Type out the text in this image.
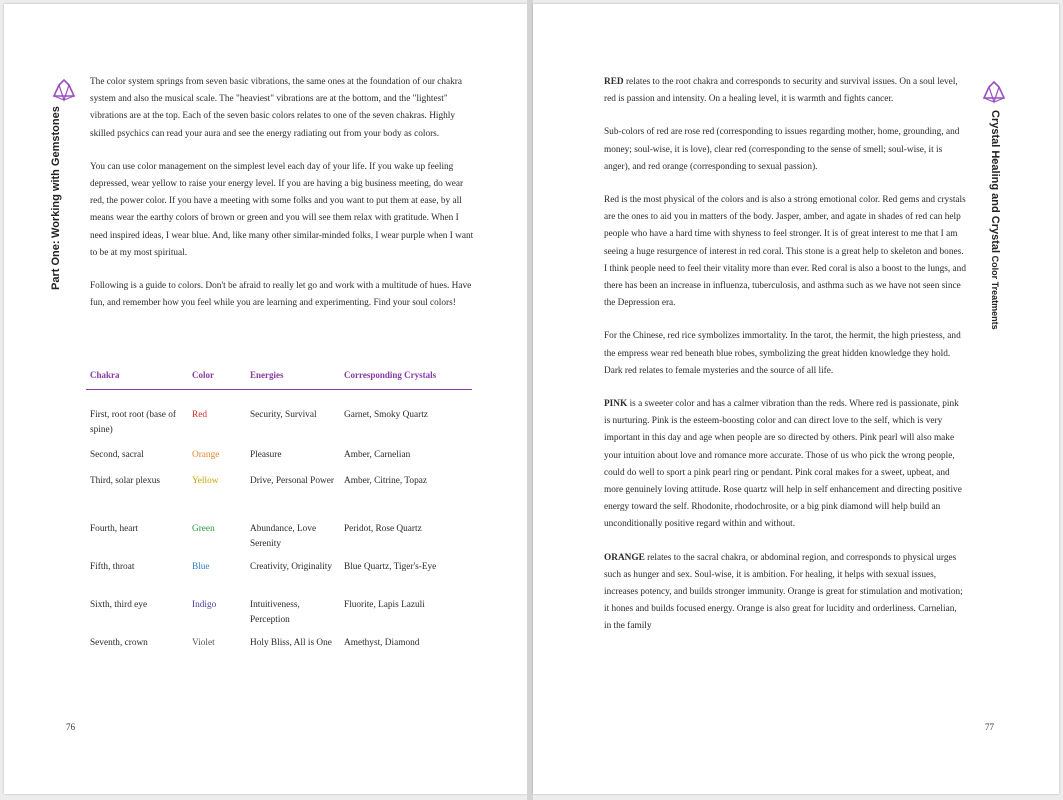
Part One: Working with Gemstones

The color system springs from seven basic vibrations, the same ones at the foundation of our chakra system and also the musical scale. The "heaviest" vibrations are at the bottom, and the "lightest" vibrations are at the top. Each of the seven basic colors relates to one of the seven chakras. Highly skilled psychics can read your aura and see the energy radiating out from your body as colors.

You can use color management on the simplest level each day of your life. If you wake up feeling depressed, wear yellow to raise your energy level. If you are having a big business meeting, do wear red, the power color. If you have a meeting with some folks and you want to put them at ease, by all means wear the earthy colors of brown or green and you will see them relax with gratitude. When I need inspired ideas, I wear blue. And, like many other similar-minded folks, I wear purple when I want to be at my most spiritual.

Following is a guide to colors. Don't be afraid to really let go and work with a multitude of hues. Have fun, and remember how you feel while you are learning and experimenting. Find your soul colors!

Chakra	Color	Energies	Corresponding Crystals
First, root root (base of spine)	Red	Security, Survival	Garnet, Smoky Quartz
Second, sacral	Orange	Pleasure	Amber, Carnelian
Third, solar plexus	Yellow	Drive, Personal Power	Amber, Citrine, Topaz
Fourth, heart	Green	Abundance, Love Serenity	Peridot, Rose Quartz
Fifth, throat	Blue	Creativity, Originality	Blue Quartz, Tiger's-Eye
Sixth, third eye	Indigo	Intuitiveness, Perception	Fluorite, Lapis Lazuli
Seventh, crown	Violet	Holy Bliss, All is One	Amethyst, Diamond
76
Crystal Healing and Crystal Color Treatments

RED relates to the root chakra and corresponds to security and survival issues. On a soul level, red is passion and intensity. On a healing level, it is warmth and fights cancer.

Sub-colors of red are rose red (corresponding to issues regarding mother, home, grounding, and money; soul-wise, it is love), clear red (corresponding to the sense of smell; soul-wise, it is anger), and red orange (corresponding to sexual passion).

Red is the most physical of the colors and is also a strong emotional color. Red gems and crystals are the ones to aid you in matters of the body. Jasper, amber, and agate in shades of red can help people who have a hard time with shyness to feel stronger. It is of great interest to me that I am seeing a huge resurgence of interest in red coral. This stone is a great help to skeleton and bones. I think people need to feel their vitality more than ever. Red coral is also a boost to the lungs, and there has been an increase in influenza, tuberculosis, and asthma such as we have not seen since the Depression era.

For the Chinese, red rice symbolizes immortality. In the tarot, the hermit, the high priestess, and the empress wear red beneath blue robes, symbolizing the great hidden knowledge they hold. Dark red relates to female mysteries and the source of all life.

PINK is a sweeter color and has a calmer vibration than the reds. Where red is passionate, pink is nurturing. Pink is the esteem-boosting color and can direct love to the self, which is very important in this day and age when people are so directed by others. Pink pearl will also make your intuition about love and romance more accurate. Those of us who pick the wrong people, could do well to sport a pink pearl ring or pendant. Pink coral makes for a sweet, upbeat, and more genuinely loving attitude. Rose quartz will help in self enhancement and directing positive energy toward the self. Rhodonite, rhodochrosite, or a big pink diamond will help build an unconditionally positive regard within and without.

ORANGE relates to the sacral chakra, or abdominal region, and corresponds to physical urges such as hunger and sex. Soul-wise, it is ambition. For healing, it helps with sexual issues, increases potency, and builds stronger immunity. Orange is great for stimulation and motivation; it hones and builds focused energy. Orange is also great for lucidity and orderliness. Carnelian, in the family

77
